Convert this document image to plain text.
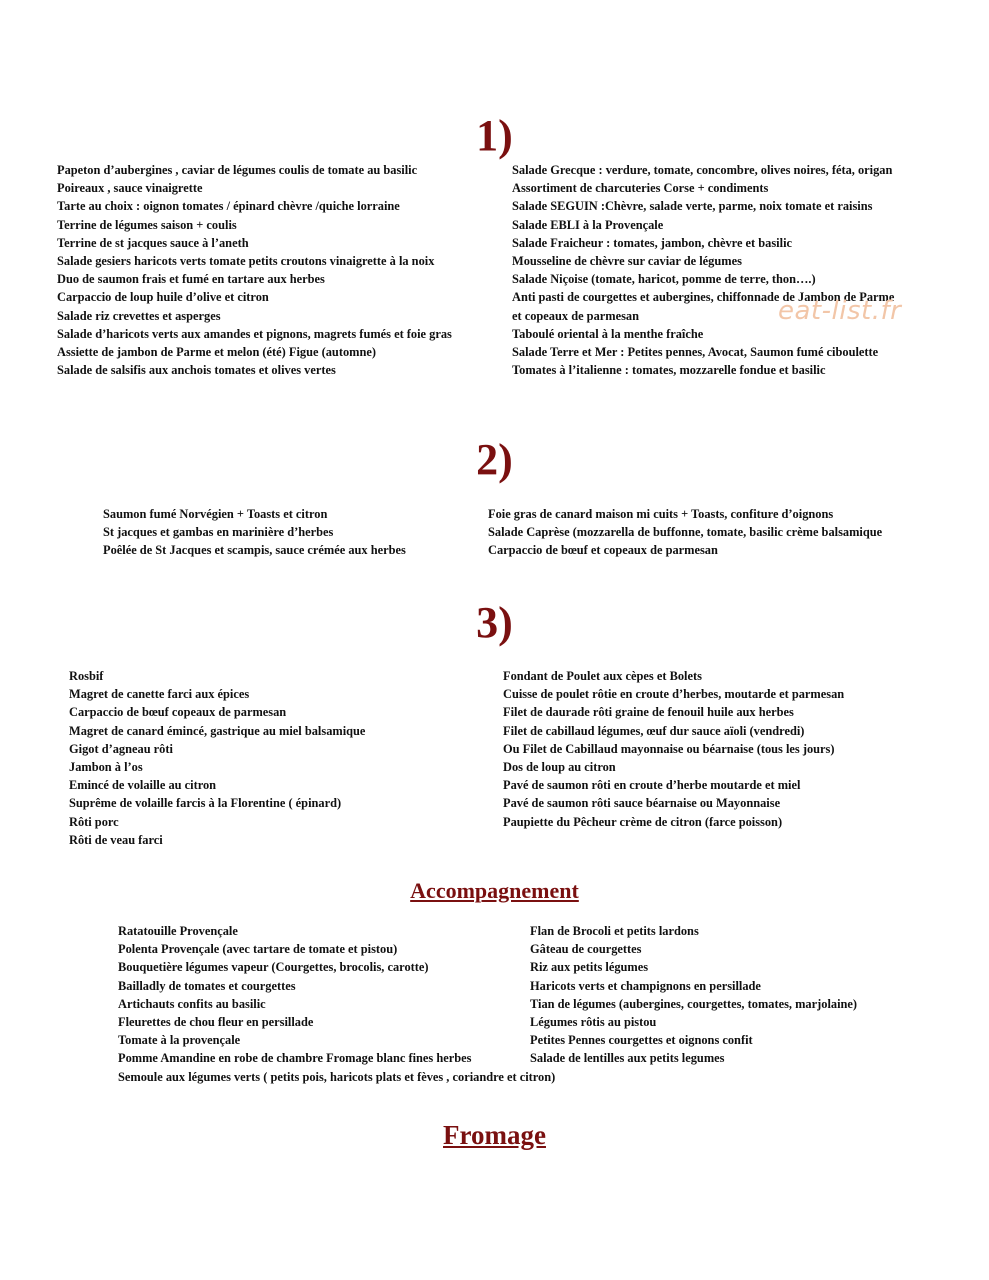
1)
Papeton d’aubergines , caviar de légumes coulis de tomate au basilic
Poireaux , sauce vinaigrette
Tarte au choix : oignon tomates / épinard chèvre /quiche lorraine
Terrine de légumes saison + coulis
Terrine de st jacques sauce à l’aneth
Salade gesiers haricots verts tomate petits croutons vinaigrette à la noix
Duo de saumon frais et fumé en tartare aux herbes
Carpaccio de loup huile d’olive et citron
Salade riz crevettes et asperges
Salade d’haricots verts aux amandes et pignons, magrets fumés et foie gras
Assiette de jambon de Parme et melon (été) Figue (automne)
Salade de salsifis aux anchois tomates et olives vertes
Salade Grecque : verdure, tomate, concombre, olives noires, féta, origan
Assortiment de charcuteries Corse + condiments
Salade SEGUIN :Chèvre, salade verte, parme, noix tomate et raisins
Salade EBLI à la Provençale
Salade Fraicheur : tomates, jambon, chèvre et basilic
Mousseline de chèvre sur caviar de légumes
Salade Niçoise (tomate, haricot, pomme de terre, thon….)
Anti pasti de courgettes et aubergines, chiffonnade de Jambon de Parme
et copeaux de parmesan
Taboulé oriental à la menthe fraîche
Salade Terre et Mer : Petites pennes, Avocat, Saumon fumé ciboulette
Tomates à l’italienne : tomates, mozzarelle fondue et basilic
eat-list.fr
2)
Saumon fumé Norvégien + Toasts et citron
St jacques et gambas en marinière d’herbes
Poêlée de St Jacques et scampis, sauce crémée aux herbes
Foie gras de canard maison mi cuits + Toasts, confiture d’oignons
Salade Caprèse (mozzarella de buffonne, tomate, basilic crème balsamique
Carpaccio de bœuf et copeaux de parmesan
3)
Rosbif
Magret de canette farci aux épices
Carpaccio de bœuf copeaux de parmesan
Magret de canard émincé, gastrique au miel balsamique
Gigot d’agneau rôti
Jambon à l’os
Emincé de volaille au citron
Suprême de volaille farcis à la Florentine ( épinard)
Rôti porc
Rôti de veau farci
Fondant de Poulet aux cèpes et Bolets
Cuisse de poulet rôtie en croute d’herbes, moutarde et parmesan
Filet de daurade rôti graine de fenouil huile aux herbes
Filet de cabillaud légumes, œuf dur sauce aïoli (vendredi)
Ou Filet de Cabillaud mayonnaise ou béarnaise (tous les jours)
Dos de loup au citron
Pavé de saumon rôti en croute d’herbe moutarde et miel
Pavé de saumon rôti sauce béarnaise ou Mayonnaise
Paupiette du Pêcheur crème de citron (farce poisson)
Accompagnement
Ratatouille Provençale
Polenta Provençale (avec tartare de tomate et pistou)
Bouquetière légumes vapeur (Courgettes, brocolis, carotte)
Bailladly de tomates et courgettes
Artichauts confits au basilic
Fleurettes de chou fleur en persillade
Tomate à la provençale
Pomme Amandine en robe de chambre Fromage blanc fines herbes
Semoule aux légumes verts ( petits pois, haricots plats et fèves , coriandre et citron)
Flan de Brocoli et petits lardons
Gâteau de courgettes
Riz aux petits légumes
Haricots verts et champignons en persillade
Tian de légumes (aubergines, courgettes, tomates, marjolaine)
Légumes rôtis au pistou
Petites Pennes courgettes et oignons confit
Salade de lentilles aux petits legumes
Fromage
